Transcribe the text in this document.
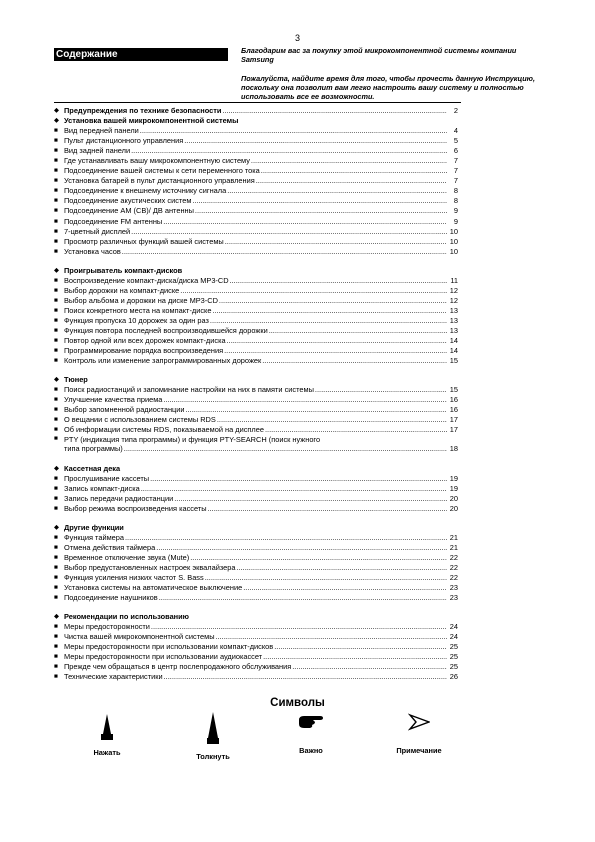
3
Содержание	Благодарим вас за покупку этой микрокомпонентной системы компании Samsung

Пожалуйста, найдите время для того, чтобы прочесть данную Инструкцию, поскольку она позволит вам легко настроить вашу систему и полностью использовать все ее возможности.

◆ Предупреждения по технике безопасности .....	2
◆ Установка вашей микрокомпонентной системы
■ Вид передней панели .....	4
■ Пульт дистанционного управления .....	5
■ Вид задней панели .....	6
■ Где устанавливать вашу микрокомпонентную систему .....	7
■ Подсоединение вашей системы к сети переменного тока .....	7
■ Установка батарей в пульт дистанционного управления .....	7
■ Подсоединение к внешнему источнику сигнала .....	8
■ Подсоединение акустических систем .....	8
■ Подсоединение AM (CB)/ ДВ антенны .....	9
■ Подсоединение FM антенны .....	9
■ 7-цветный дисплей .....	10
■ Просмотр различных функций вашей системы .....	10
■ Установка часов .....	10
◆ Проигрыватель компакт-дисков
■ Воспроизведение компакт-диска/диска MP3-CD .....	11
■ Выбор дорожки на компакт-диске .....	12
■ Выбор альбома и дорожки на диске MP3-CD .....	12
■ Поиск конкретного места на компакт-диске .....	13
■ Функция пропуска 10 дорожек за один раз .....	13
■ Функция повтора последней воспроизводившейся дорожки .....	13
■ Повтор одной или всех дорожек компакт-диска .....	14
■ Программирование порядка воспроизведения .....	14
■ Контроль или изменение запрограммированных дорожек .....	15
◆ Тюнер
■ Поиск радиостанций и запоминание настройки на них в памяти системы .....	15
■ Улучшение качества приема .....	16
■ Выбор запомненной радиостанции .....	16
■ О вещании с использованием системы RDS .....	17
■ Об информации системы RDS, показываемой на дисплее .....	17
■ PTY (индикация типа программы) и функция PTY-SEARCH (поиск нужного
типа программы) .....	18
◆ Кассетная дека
■ Прослушивание кассеты .....	19
■ Запись компакт-диска .....	19
■ Запись передачи радиостанции .....	20
■ Выбор режима воспроизведения кассеты .....	20
◆ Другие функции
■ Функция таймера .....	21
■ Отмена действия таймера .....	21
■ Временное отключение звука (Mute) .....	22
■ Выбор предустановленных настроек эквалайзера .....	22
■ Функция усиления низких частот S. Bass .....	22
■ Установка системы на автоматическое выключение .....	23
■ Подсоединение наушников .....	23
◆ Рекомендации по использованию
■ Меры предосторожности .....	24
■ Чистка вашей микрокомпонентной системы .....	24
■ Меры предосторожности при использовании компакт-дисков .....	25
■ Меры предосторожности при использовании аудиокассет .....	25
■ Прежде чем обращаться в центр послепродажного обслуживания .....	25
■ Технические характеристики .....	26
Символы
Нажать	Толкнуть
Важно	Примечание
